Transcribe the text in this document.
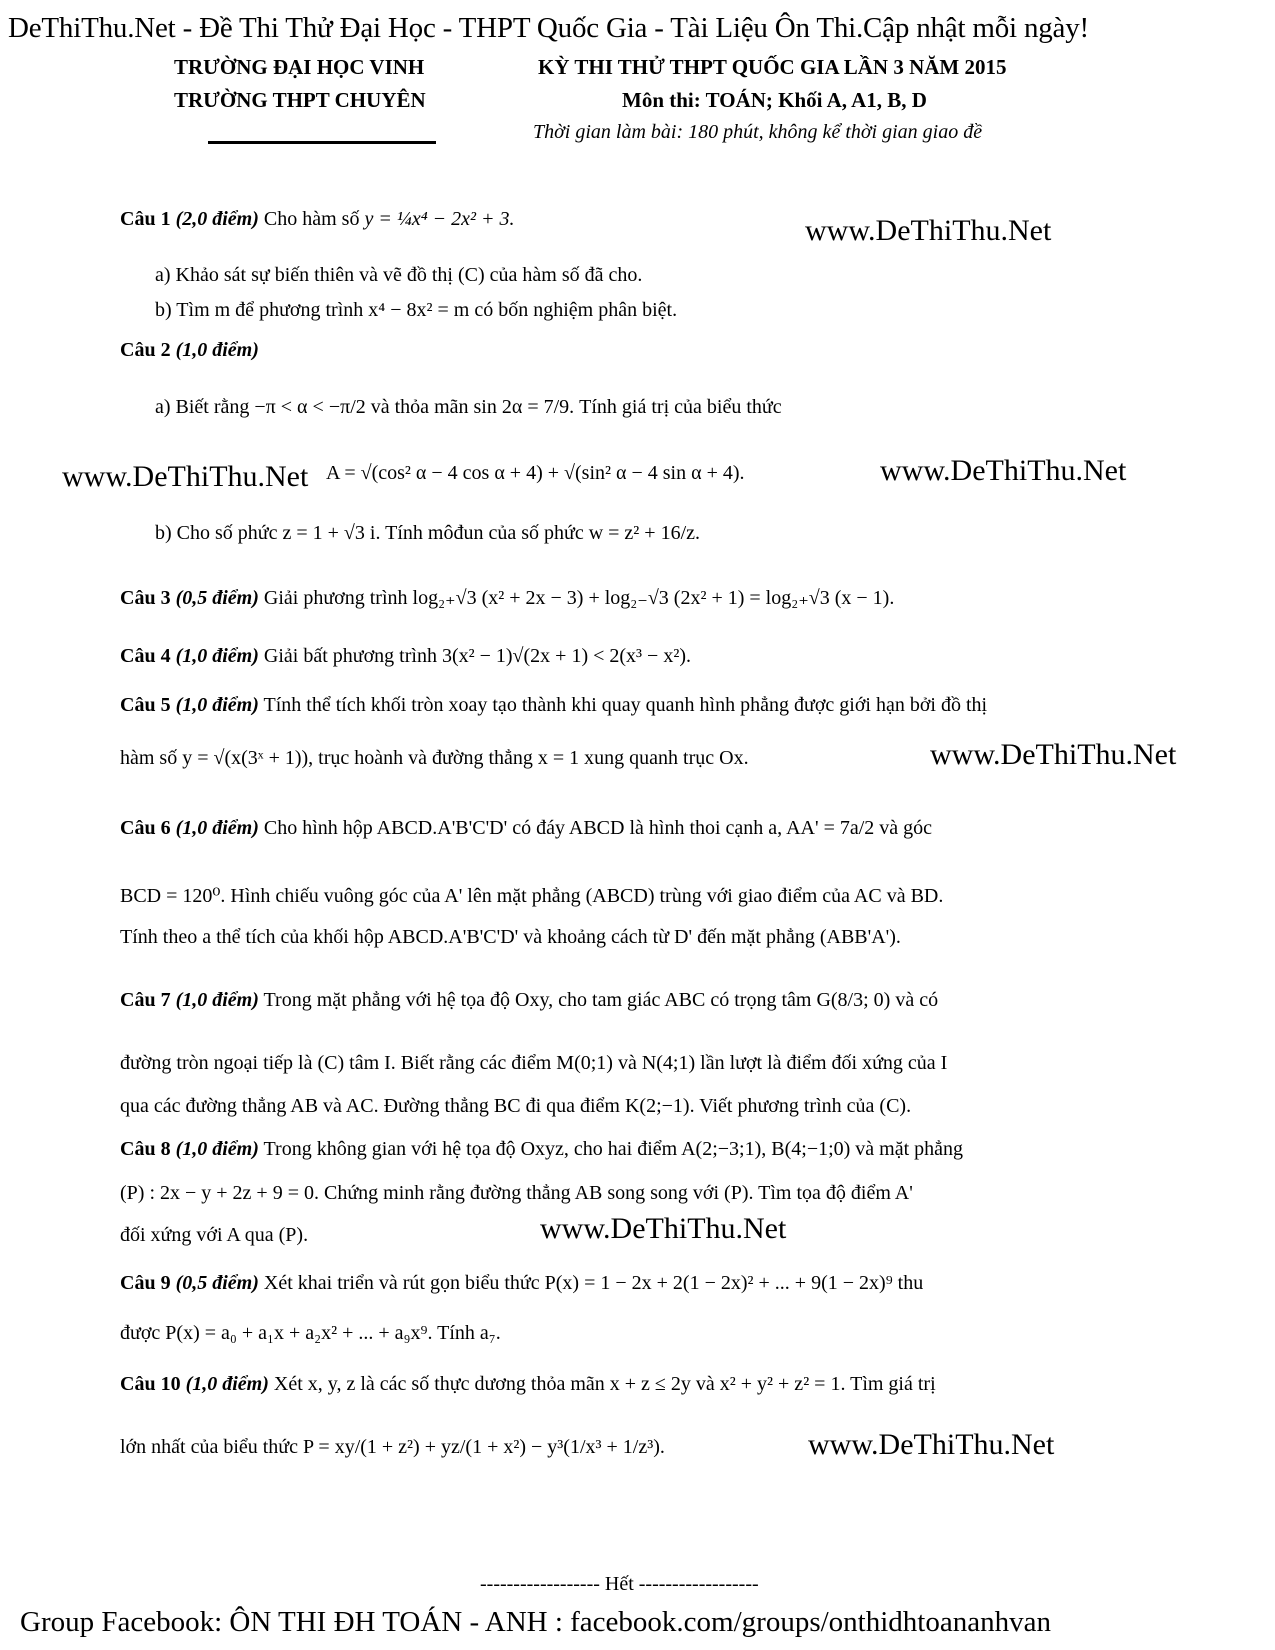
DeThiThu.Net - Đề Thi Thử Đại Học - THPT Quốc Gia - Tài Liệu Ôn Thi.Cập nhật mỗi ngày!
TRƯỜNG ĐẠI HỌC VINH
TRƯỜNG THPT CHUYÊN
KỲ THI THỬ THPT QUỐC GIA LẦN 3 NĂM 2015
Môn thi: TOÁN; Khối A, A1, B, D
Thời gian làm bài: 180 phút, không kể thời gian giao đề
www.DeThiThu.Net
www.DeThiThu.Net
www.DeThiThu.Net
www.DeThiThu.Net
www.DeThiThu.Net
Câu 1 (2,0 điểm) Cho hàm số y = ¼x⁴ − 2x² + 3.
a) Khảo sát sự biến thiên và vẽ đồ thị (C) của hàm số đã cho.
b) Tìm m để phương trình x⁴ − 8x² = m có bốn nghiệm phân biệt.
Câu 2 (1,0 điểm)
a) Biết rằng −π < α < −π/2 và thỏa mãn sin 2α = 7/9. Tính giá trị của biểu thức
A = √(cos² α − 4 cos α + 4) + √(sin² α − 4 sin α + 4).
www.DeThiThu.Net
b) Cho số phức z = 1 + √3 i. Tính môđun của số phức w = z² + 16/z.
Câu 3 (0,5 điểm) Giải phương trình log₂₊√3 (x² + 2x − 3) + log₂₋√3 (2x² + 1) = log₂₊√3 (x − 1).
Câu 4 (1,0 điểm) Giải bất phương trình 3(x² − 1)√(2x + 1) < 2(x³ − x²).
Câu 5 (1,0 điểm) Tính thể tích khối tròn xoay tạo thành khi quay quanh hình phẳng được giới hạn bởi đồ thị
hàm số y = √(x(3ˣ + 1)), trục hoành và đường thẳng x = 1 xung quanh trục Ox.
Câu 6 (1,0 điểm) Cho hình hộp ABCD.A'B'C'D' có đáy ABCD là hình thoi cạnh a, AA' = 7a/2 và góc
BCD = 120⁰. Hình chiếu vuông góc của A' lên mặt phẳng (ABCD) trùng với giao điểm của AC và BD.
Tính theo a thể tích của khối hộp ABCD.A'B'C'D' và khoảng cách từ D' đến mặt phẳng (ABB'A').
Câu 7 (1,0 điểm) Trong mặt phẳng với hệ tọa độ Oxy, cho tam giác ABC có trọng tâm G(8/3; 0) và có
đường tròn ngoại tiếp là (C) tâm I. Biết rằng các điểm M(0;1) và N(4;1) lần lượt là điểm đối xứng của I
qua các đường thẳng AB và AC. Đường thẳng BC đi qua điểm K(2;−1). Viết phương trình của (C).
Câu 8 (1,0 điểm) Trong không gian với hệ tọa độ Oxyz, cho hai điểm A(2;−3;1), B(4;−1;0) và mặt phẳng
(P) : 2x − y + 2z + 9 = 0. Chứng minh rằng đường thẳng AB song song với (P). Tìm tọa độ điểm A'
đối xứng với A qua (P).
Câu 9 (0,5 điểm) Xét khai triển và rút gọn biểu thức P(x) = 1 − 2x + 2(1 − 2x)² + ... + 9(1 − 2x)⁹ thu
được P(x) = a₀ + a₁x + a₂x² + ... + a₉x⁹. Tính a₇.
Câu 10 (1,0 điểm) Xét x, y, z là các số thực dương thỏa mãn x + z ≤ 2y và x² + y² + z² = 1. Tìm giá trị
lớn nhất của biểu thức P = xy/(1 + z²) + yz/(1 + x²) − y³(1/x³ + 1/z³).
------------------ Hết ------------------
Group Facebook: ÔN THI ĐH TOÁN - ANH : facebook.com/groups/onthidhtoananhvan
